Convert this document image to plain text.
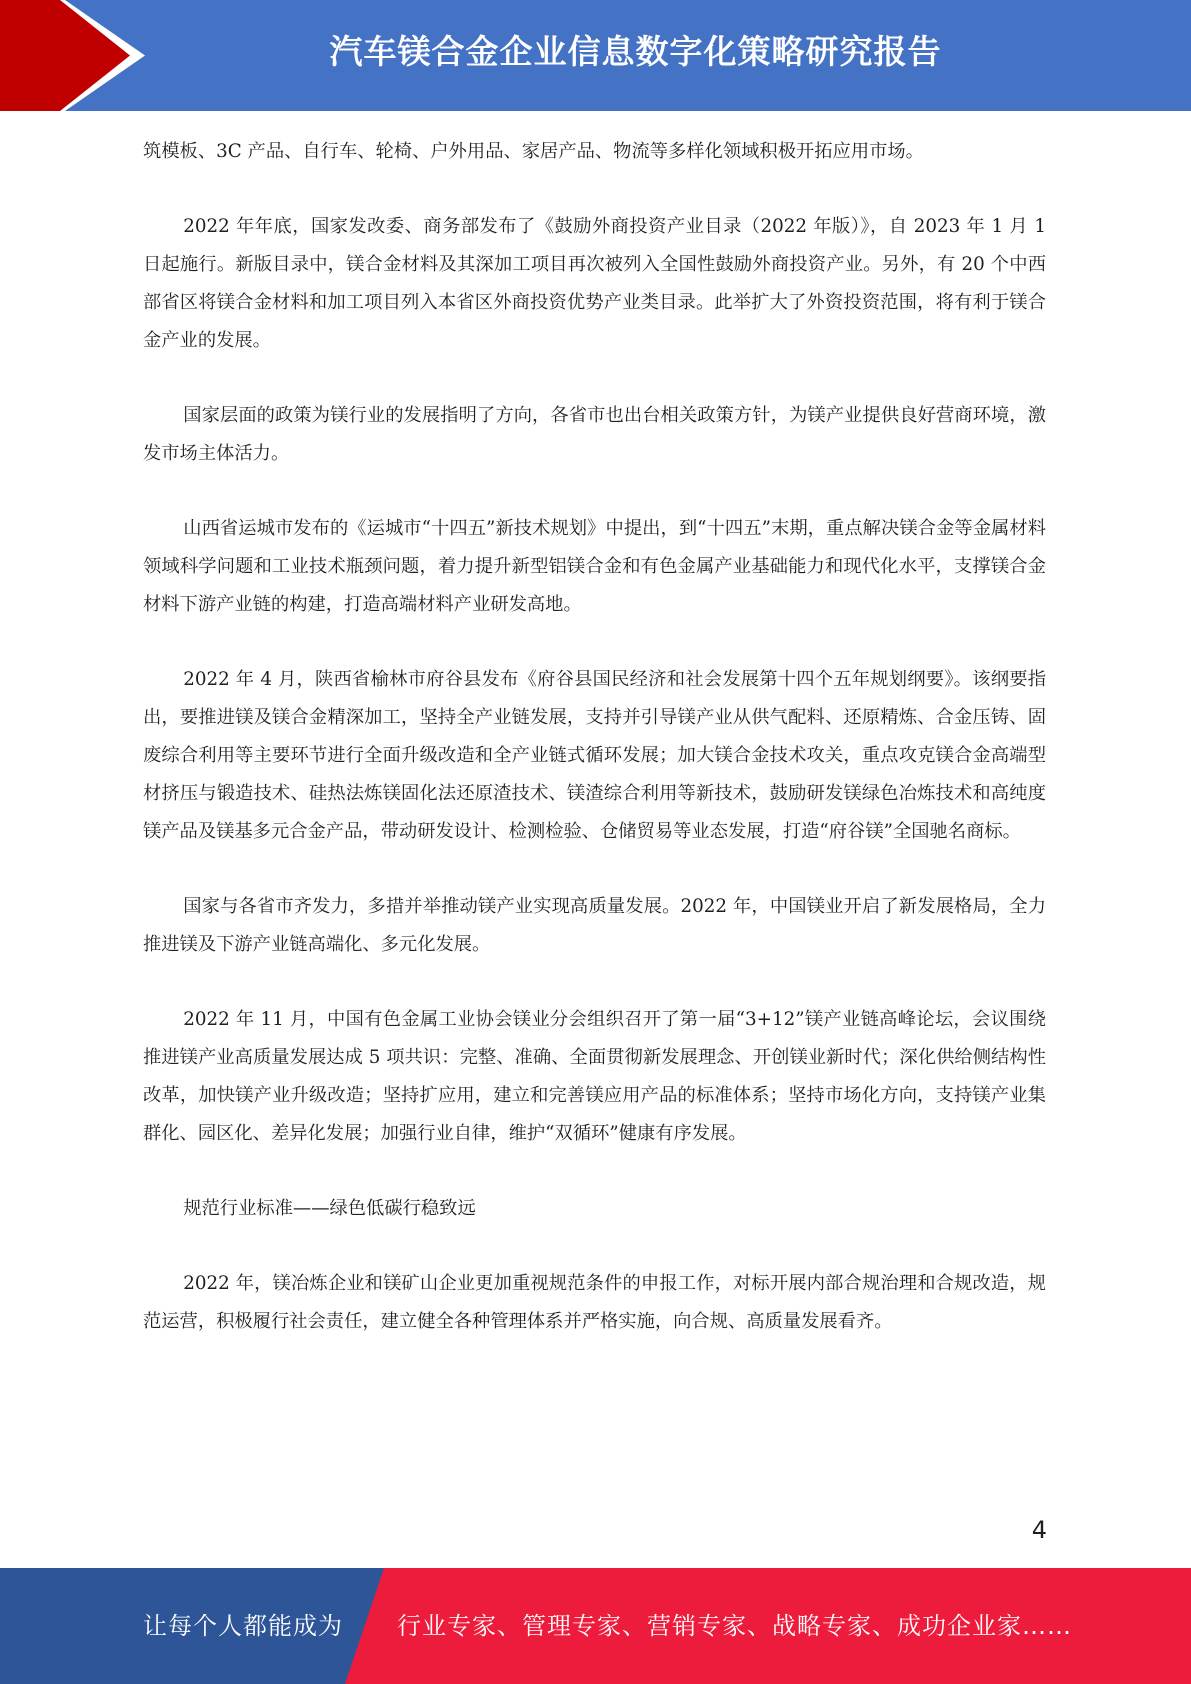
汽车镁合金企业信息数字化策略研究报告

筑模板、3C 产品、自行车、轮椅、户外用品、家居产品、物流等多样化领域积极开拓应用市场。

2022 年年底，国家发改委、商务部发布了《鼓励外商投资产业目录（2022 年版）》，自 2023 年 1 月 1 日起施行。新版目录中，镁合金材料及其深加工项目再次被列入全国性鼓励外商投资产业。另外，有 20 个中西部省区将镁合金材料和加工项目列入本省区外商投资优势产业类目录。此举扩大了外资投资范围，将有利于镁合金产业的发展。

国家层面的政策为镁行业的发展指明了方向，各省市也出台相关政策方针，为镁产业提供良好营商环境，激发市场主体活力。

山西省运城市发布的《运城市“十四五”新技术规划》中提出，到“十四五”末期，重点解决镁合金等金属材料领域科学问题和工业技术瓶颈问题，着力提升新型铝镁合金和有色金属产业基础能力和现代化水平，支撑镁合金材料下游产业链的构建，打造高端材料产业研发高地。

2022 年 4 月，陕西省榆林市府谷县发布《府谷县国民经济和社会发展第十四个五年规划纲要》。该纲要指出，要推进镁及镁合金精深加工，坚持全产业链发展，支持并引导镁产业从供气配料、还原精炼、合金压铸、固废综合利用等主要环节进行全面升级改造和全产业链式循环发展；加大镁合金技术攻关，重点攻克镁合金高端型材挤压与锻造技术、硅热法炼镁固化法还原渣技术、镁渣综合利用等新技术，鼓励研发镁绿色冶炼技术和高纯度镁产品及镁基多元合金产品，带动研发设计、检测检验、仓储贸易等业态发展，打造“府谷镁”全国驰名商标。

国家与各省市齐发力，多措并举推动镁产业实现高质量发展。2022 年，中国镁业开启了新发展格局，全力推进镁及下游产业链高端化、多元化发展。

2022 年 11 月，中国有色金属工业协会镁业分会组织召开了第一届“3+12”镁产业链高峰论坛，会议围绕推进镁产业高质量发展达成 5 项共识：完整、准确、全面贯彻新发展理念、开创镁业新时代；深化供给侧结构性改革，加快镁产业升级改造；坚持扩应用，建立和完善镁应用产品的标准体系；坚持市场化方向，支持镁产业集群化、园区化、差异化发展；加强行业自律，维护“双循环”健康有序发展。

规范行业标准——绿色低碳行稳致远

2022 年，镁冶炼企业和镁矿山企业更加重视规范条件的申报工作，对标开展内部合规治理和合规改造，规范运营，积极履行社会责任，建立健全各种管理体系并严格实施，向合规、高质量发展看齐。

4
让每个人都能成为 行业专家、管理专家、营销专家、战略专家、成功企业家……
